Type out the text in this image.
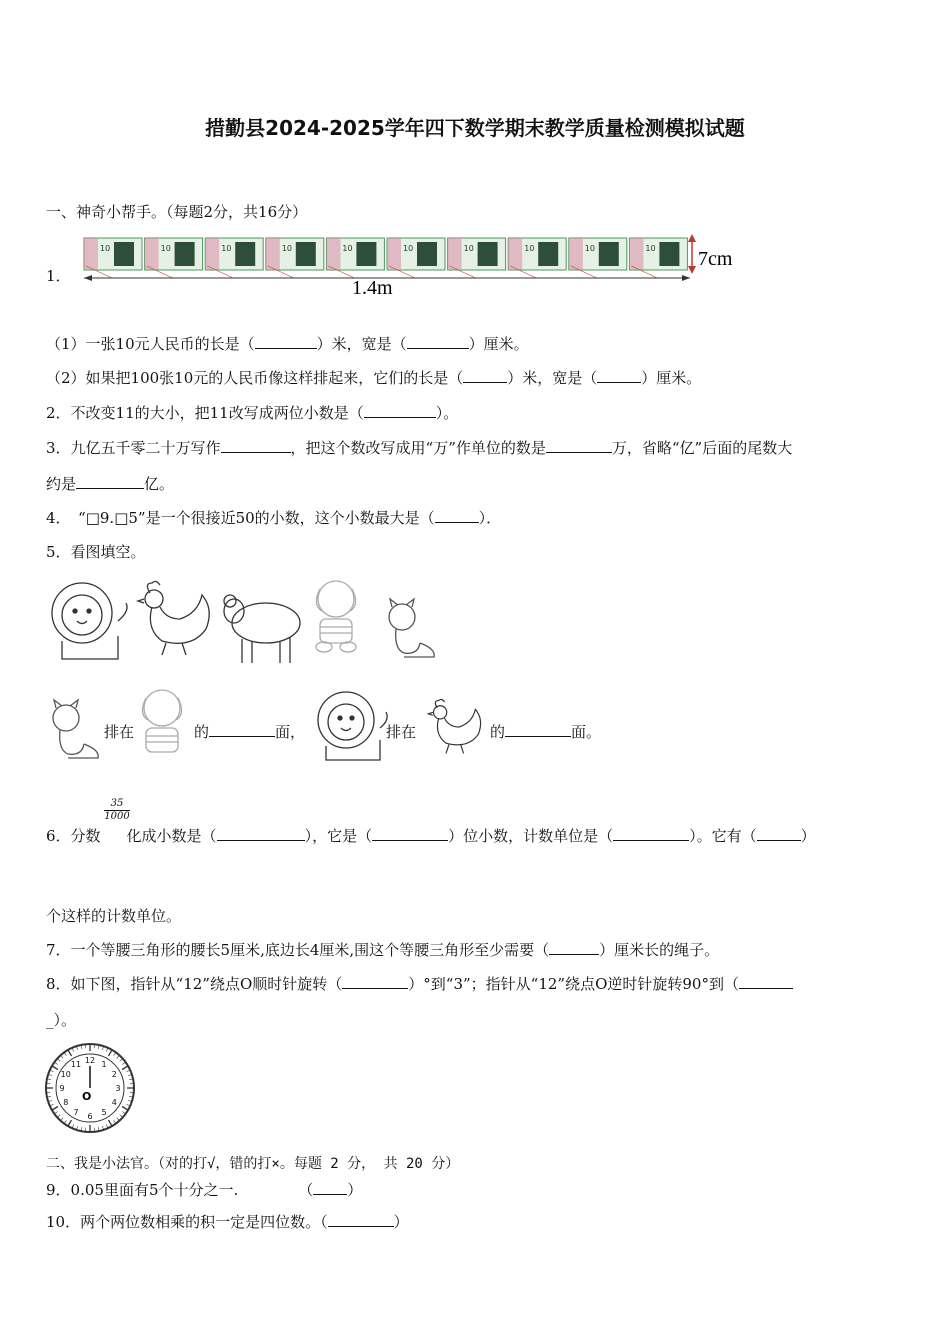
措勤县2024-2025学年四下数学期末教学质量检测模拟试题
一、神奇小帮手。（每题2分，共16分）
1．
10	10	10	10	10	10	10	10	10	10 7cm
1.4m
（1）一张10元人民币的长是（	）米，宽是（	）厘米。
（2）如果把100张10元的人民币像这样排起来，它们的长是（	）米，宽是（	）厘米。
2．不改变11的大小，把11改写成两位小数是（	）。
3．九亿五千零二十万写作	，把这个数改写成用“万”作单位的数是	万，省略“亿”后面的尾数大
约是	亿。
4．　“□9.□5”是一个很接近50的小数，这个小数最大是（	）．
5．看图填空。
排在	的	面，	排在	的	面。
$\frac{35}{1000}$
6．分数 化成小数是（	），它是（	）位小数，计数单位是（	）。它有（	）
个这样的计数单位。
7．一个等腰三角形的腰长5厘米,底边长4厘米,围这个等腰三角形至少需要（	）厘米长的绳子。
8．如下图，指针从“12”绕点O顺时针旋转（	）°到“3”；指针从“12”绕点O逆时针旋转90°到（
_）。
12 1
2
3
4
5
6
7
8
9
10
11
O
二、我是小法官。（对的打√，错的打×。每题 2 分， 共 20 分）
9．0.05里面有5个十分之一.	（ ）
10．两个两位数相乘的积一定是四位数。（	）
